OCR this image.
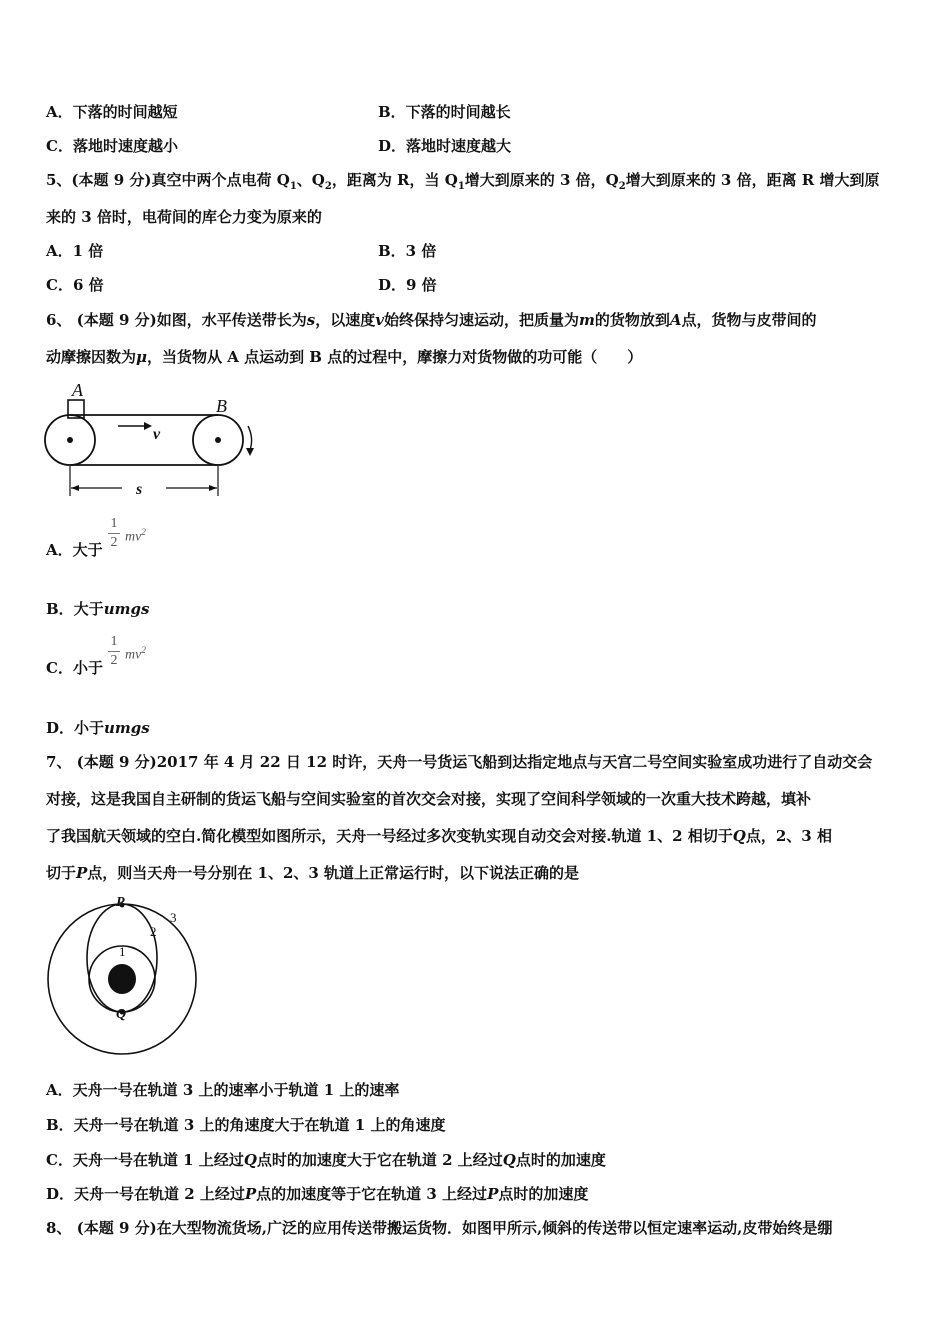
A．下落的时间越短	B．下落的时间越长
C．落地时速度越小	D．落地时速度越大
5、(本题 9 分)真空中两个点电荷 $Q_1$、$Q_2$，距离为 R，当 $Q_1$增大到原来的 3 倍，$Q_2$增大到原来的 3 倍，距离 R 增大到原
来的 3 倍时，电荷间的库仑力变为原来的
A．1 倍	B．3 倍
C．6 倍	D．9 倍
6、 (本题 9 分)如图，水平传送带长为s，以速度v始终保持匀速运动，把质量为m的货物放到A点，货物与皮带间的
动摩擦因数为μ，当货物从 A 点运动到 B 点的过程中，摩擦力对货物做的功可能（　　）
A
B
v
s
A．大于
1
2 $mv^2$
B．大于umgs
C．小于
1
2 $mv^2$
D．小于umgs
7、 (本题 9 分)2017 年 4 月 22 日 12 时许，天舟一号货运飞船到达指定地点与天宫二号空间实验室成功进行了自动交会
对接，这是我国自主研制的货运飞船与空间实验室的首次交会对接，实现了空间科学领域的一次重大技术跨越，填补
了我国航天领域的空白.简化模型如图所示，天舟一号经过多次变轨实现自动交会对接.轨道 1、2 相切于Q点，2、3 相
切于P点，则当天舟一号分别在 1、2、3 轨道上正常运行时，以下说法正确的是
P
Q
1
2
3
A．天舟一号在轨道 3 上的速率小于轨道 1 上的速率
B．天舟一号在轨道 3 上的角速度大于在轨道 1 上的角速度
C．天舟一号在轨道 1 上经过Q点时的加速度大于它在轨道 2 上经过Q点时的加速度
D．天舟一号在轨道 2 上经过P点的加速度等于它在轨道 3 上经过P点时的加速度
8、 (本题 9 分)在大型物流货场,广泛的应用传送带搬运货物．如图甲所示,倾斜的传送带以恒定速率运动,皮带始终是绷
